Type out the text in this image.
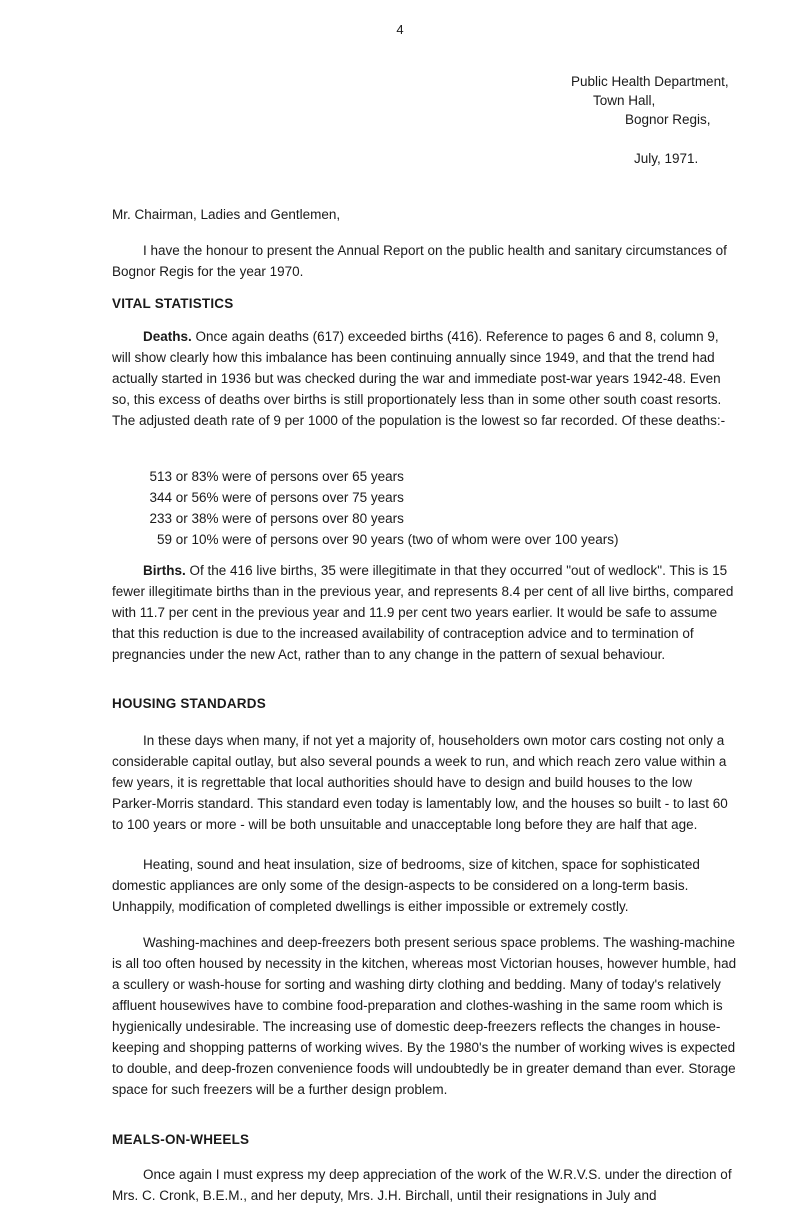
4
Public Health Department,
Town Hall,
Bognor Regis,
July, 1971.

Mr. Chairman, Ladies and Gentlemen,

I have the honour to present the Annual Report on the public health and sanitary circumstances of Bognor Regis for the year 1970.

VITAL STATISTICS

Deaths. Once again deaths (617) exceeded births (416). Reference to pages 6 and 8, column 9, will show clearly how this imbalance has been continuing annually since 1949, and that the trend had actually started in 1936 but was checked during the war and immediate post-war years 1942-48. Even so, this excess of deaths over births is still proportionately less than in some other south coast resorts. The adjusted death rate of 9 per 1000 of the population is the lowest so far recorded. Of these deaths:-

513 or 83% were of persons over 65 years
344 or 56% were of persons over 75 years
233 or 38% were of persons over 80 years
59 or 10% were of persons over 90 years (two of whom were over 100 years)

Births. Of the 416 live births, 35 were illegitimate in that they occurred "out of wedlock". This is 15 fewer illegitimate births than in the previous year, and represents 8.4 per cent of all live births, compared with 11.7 per cent in the previous year and 11.9 per cent two years earlier. It would be safe to assume that this reduction is due to the increased availability of contraception advice and to termination of pregnancies under the new Act, rather than to any change in the pattern of sexual behaviour.

HOUSING STANDARDS

In these days when many, if not yet a majority of, householders own motor cars costing not only a considerable capital outlay, but also several pounds a week to run, and which reach zero value within a few years, it is regrettable that local authorities should have to design and build houses to the low Parker-Morris standard. This standard even today is lamentably low, and the houses so built - to last 60 to 100 years or more - will be both unsuitable and unacceptable long before they are half that age.

Heating, sound and heat insulation, size of bedrooms, size of kitchen, space for sophisticated domestic appliances are only some of the design-aspects to be considered on a long-term basis. Unhappily, modification of completed dwellings is either impossible or extremely costly.

Washing-machines and deep-freezers both present serious space problems. The washing-machine is all too often housed by necessity in the kitchen, whereas most Victorian houses, however humble, had a scullery or wash-house for sorting and washing dirty clothing and bedding. Many of today's relatively affluent housewives have to combine food-preparation and clothes-washing in the same room which is hygienically undesirable. The increasing use of domestic deep-freezers reflects the changes in house-keeping and shopping patterns of working wives. By the 1980's the number of working wives is expected to double, and deep-frozen convenience foods will undoubtedly be in greater demand than ever. Storage space for such freezers will be a further design problem.

MEALS-ON-WHEELS

Once again I must express my deep appreciation of the work of the W.R.V.S. under the direction of Mrs. C. Cronk, B.E.M., and her deputy, Mrs. J.H. Birchall, until their resignations in July and
